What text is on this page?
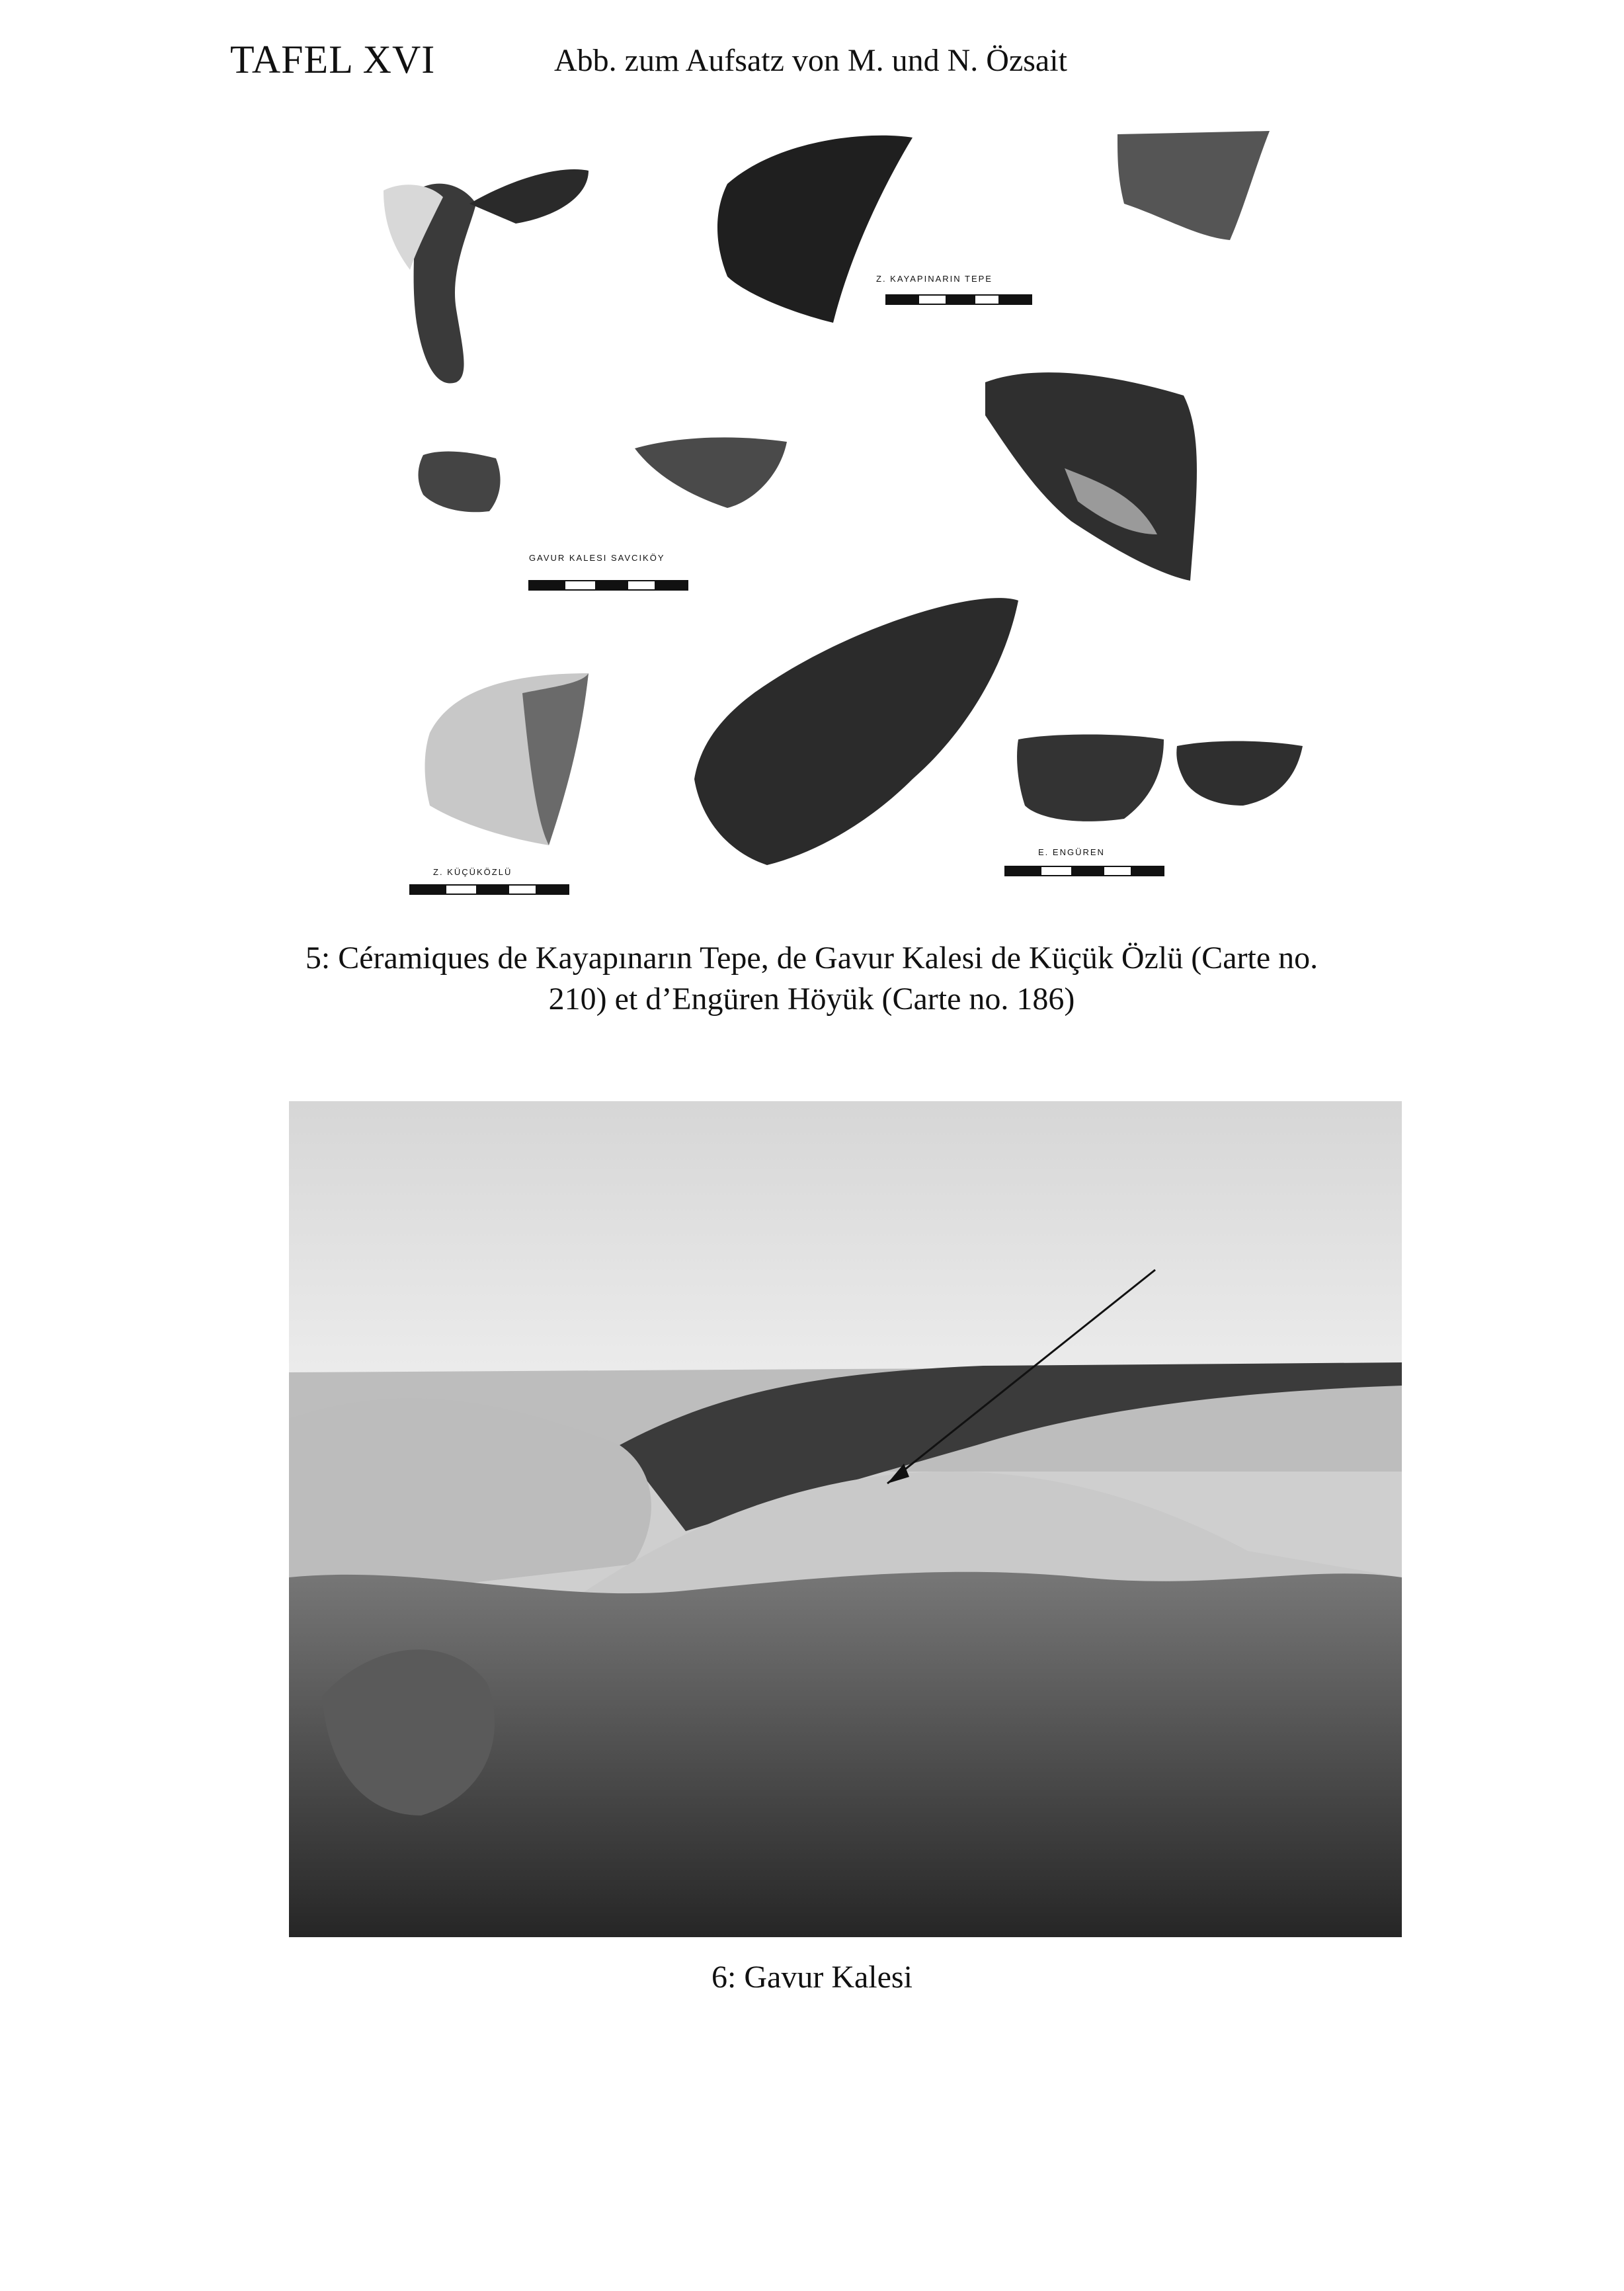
TAFEL XVI	Abb. zum Aufsatz von M. und N. Özsait
Z. KAYAPINARIN TEPE
GAVUR KALESI SAVCIKÖY
Z. KÜÇÜKÖZLÜ
E. ENGÜREN
5: Céramiques de Kayapınarın Tepe, de Gavur Kalesi de Küçük Özlü (Carte no.
210) et d’Engüren Höyük (Carte no. 186)
6: Gavur Kalesi
